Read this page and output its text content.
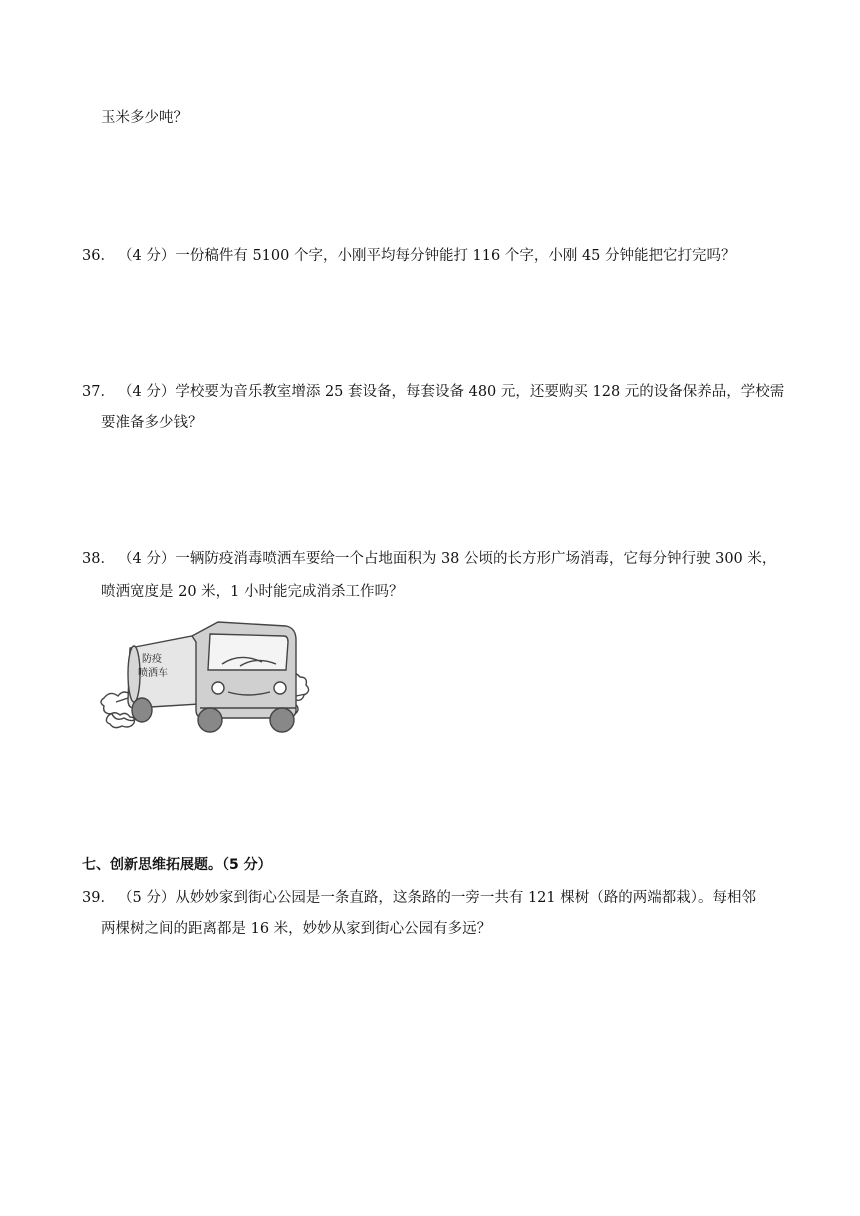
玉米多少吨？
36． （4 分）一份稿件有 5100 个字，小刚平均每分钟能打 116 个字，小刚 45 分钟能把它打完吗？
37． （4 分）学校要为音乐教室增添 25 套设备，每套设备 480 元，还要购买 128 元的设备保养品，学校需
要准备多少钱？
38． （4 分）一辆防疫消毒喷洒车要给一个占地面积为 38 公顷的长方形广场消毒，它每分钟行驶 300 米，
喷洒宽度是 20 米，1 小时能完成消杀工作吗？
防疫
喷洒车
七、创新思维拓展题。（5 分）
39． （5 分）从妙妙家到街心公园是一条直路，这条路的一旁一共有 121 棵树（路的两端都栽）。每相邻
两棵树之间的距离都是 16 米，妙妙从家到街心公园有多远？
